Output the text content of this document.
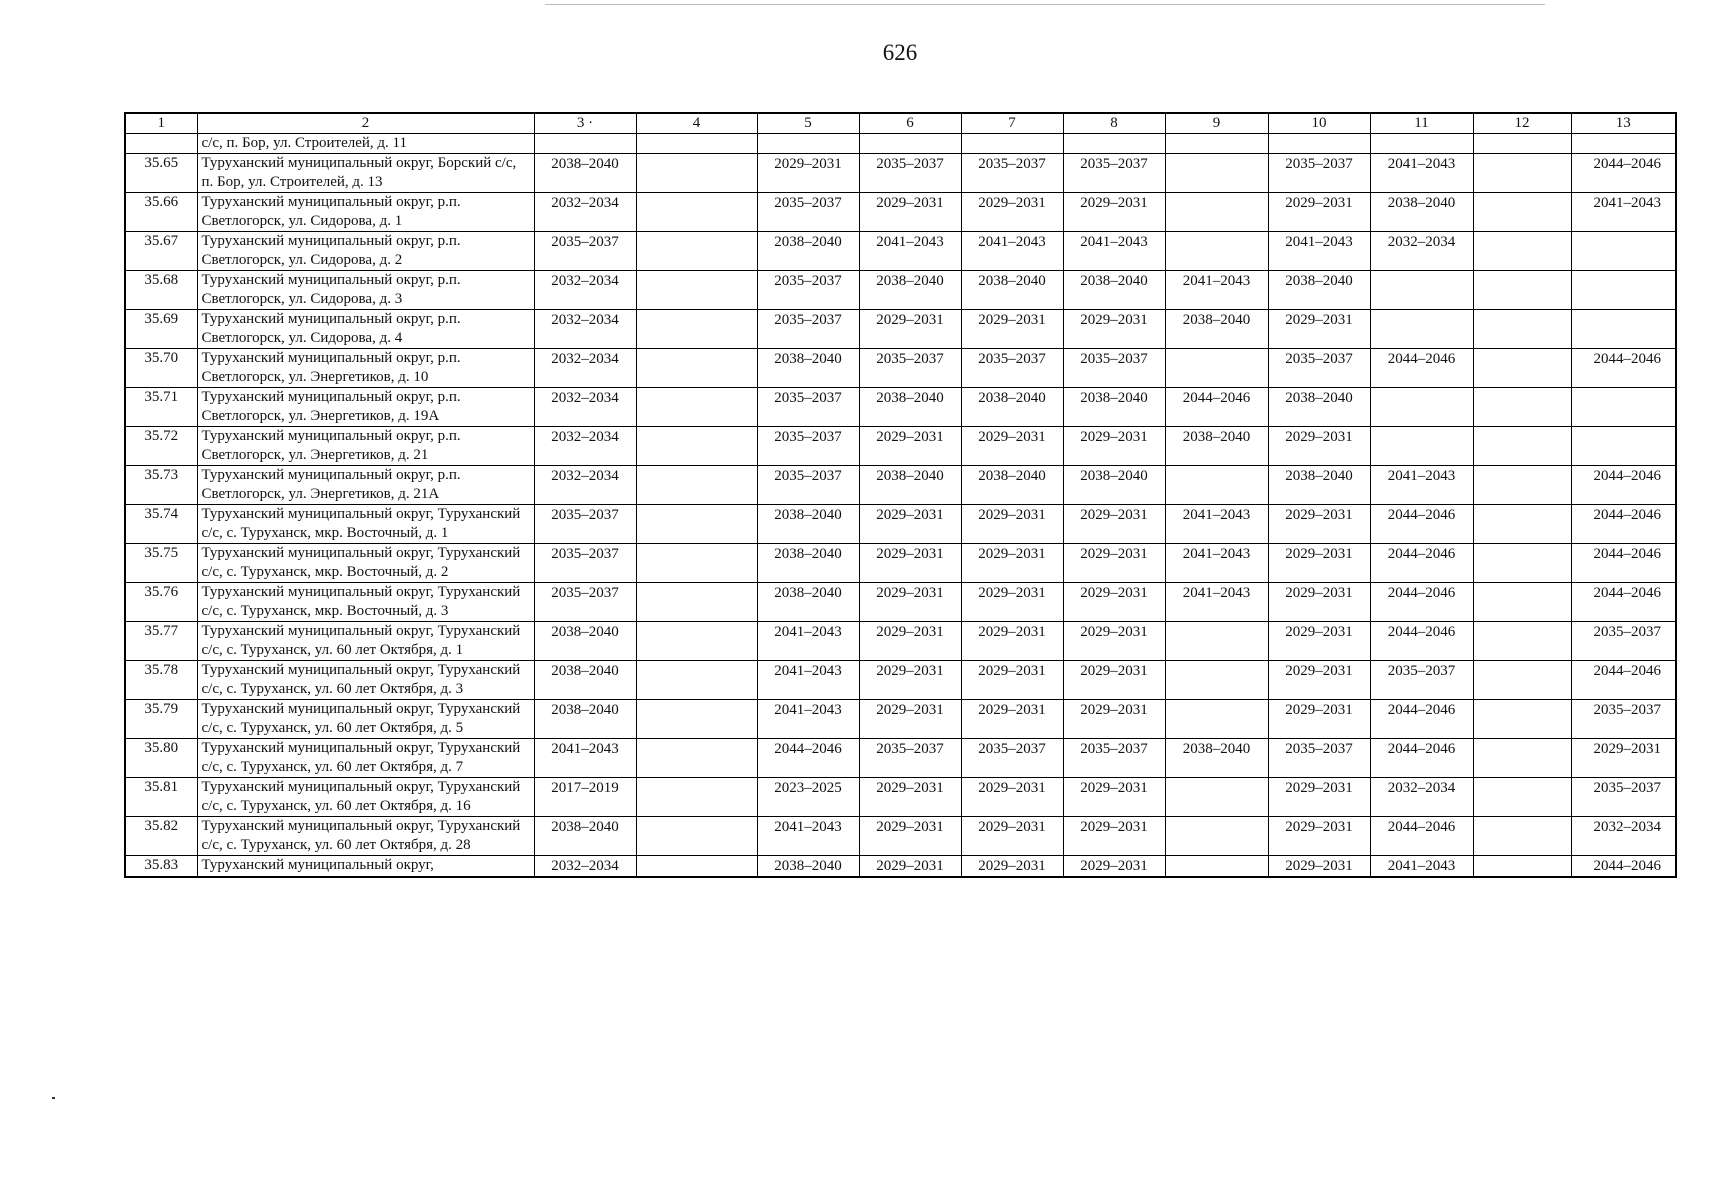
626
1	2	3 ·	4	5	6	7	8	9	10	11	12	13
	с/с, п. Бор, ул. Строителей, д. 11											
35.65	Туруханский муниципальный округ, Борский с/с, п. Бор, ул. Строителей, д. 13	2038–2040		2029–2031	2035–2037	2035–2037	2035–2037		2035–2037	2041–2043		2044–2046
35.66	Туруханский муниципальный округ, р.п. Светлогорск, ул. Сидорова, д. 1	2032–2034		2035–2037	2029–2031	2029–2031	2029–2031		2029–2031	2038–2040		2041–2043
35.67	Туруханский муниципальный округ, р.п. Светлогорск, ул. Сидорова, д. 2	2035–2037		2038–2040	2041–2043	2041–2043	2041–2043		2041–2043	2032–2034		
35.68	Туруханский муниципальный округ, р.п. Светлогорск, ул. Сидорова, д. 3	2032–2034		2035–2037	2038–2040	2038–2040	2038–2040	2041–2043	2038–2040			
35.69	Туруханский муниципальный округ, р.п. Светлогорск, ул. Сидорова, д. 4	2032–2034		2035–2037	2029–2031	2029–2031	2029–2031	2038–2040	2029–2031			
35.70	Туруханский муниципальный округ, р.п. Светлогорск, ул. Энергетиков, д. 10	2032–2034		2038–2040	2035–2037	2035–2037	2035–2037		2035–2037	2044–2046		2044–2046
35.71	Туруханский муниципальный округ, р.п. Светлогорск, ул. Энергетиков, д. 19А	2032–2034		2035–2037	2038–2040	2038–2040	2038–2040	2044–2046	2038–2040			
35.72	Туруханский муниципальный округ, р.п. Светлогорск, ул. Энергетиков, д. 21	2032–2034		2035–2037	2029–2031	2029–2031	2029–2031	2038–2040	2029–2031			
35.73	Туруханский муниципальный округ, р.п. Светлогорск, ул. Энергетиков, д. 21А	2032–2034		2035–2037	2038–2040	2038–2040	2038–2040		2038–2040	2041–2043		2044–2046
35.74	Туруханский муниципальный округ, Туруханский с/с, с. Туруханск, мкр. Восточный, д. 1	2035–2037		2038–2040	2029–2031	2029–2031	2029–2031	2041–2043	2029–2031	2044–2046		2044–2046
35.75	Туруханский муниципальный округ, Туруханский с/с, с. Туруханск, мкр. Восточный, д. 2	2035–2037		2038–2040	2029–2031	2029–2031	2029–2031	2041–2043	2029–2031	2044–2046		2044–2046
35.76	Туруханский муниципальный округ, Туруханский с/с, с. Туруханск, мкр. Восточный, д. 3	2035–2037		2038–2040	2029–2031	2029–2031	2029–2031	2041–2043	2029–2031	2044–2046		2044–2046
35.77	Туруханский муниципальный округ, Туруханский с/с, с. Туруханск, ул. 60 лет Октября, д. 1	2038–2040		2041–2043	2029–2031	2029–2031	2029–2031		2029–2031	2044–2046		2035–2037
35.78	Туруханский муниципальный округ, Туруханский с/с, с. Туруханск, ул. 60 лет Октября, д. 3	2038–2040		2041–2043	2029–2031	2029–2031	2029–2031		2029–2031	2035–2037		2044–2046
35.79	Туруханский муниципальный округ, Туруханский с/с, с. Туруханск, ул. 60 лет Октября, д. 5	2038–2040		2041–2043	2029–2031	2029–2031	2029–2031		2029–2031	2044–2046		2035–2037
35.80	Туруханский муниципальный округ, Туруханский с/с, с. Туруханск, ул. 60 лет Октября, д. 7	2041–2043		2044–2046	2035–2037	2035–2037	2035–2037	2038–2040	2035–2037	2044–2046		2029–2031
35.81	Туруханский муниципальный округ, Туруханский с/с, с. Туруханск, ул. 60 лет Октября, д. 16	2017–2019		2023–2025	2029–2031	2029–2031	2029–2031		2029–2031	2032–2034		2035–2037
35.82	Туруханский муниципальный округ, Туруханский с/с, с. Туруханск, ул. 60 лет Октября, д. 28	2038–2040		2041–2043	2029–2031	2029–2031	2029–2031		2029–2031	2044–2046		2032–2034
35.83	Туруханский муниципальный округ,	2032–2034		2038–2040	2029–2031	2029–2031	2029–2031		2029–2031	2041–2043		2044–2046
